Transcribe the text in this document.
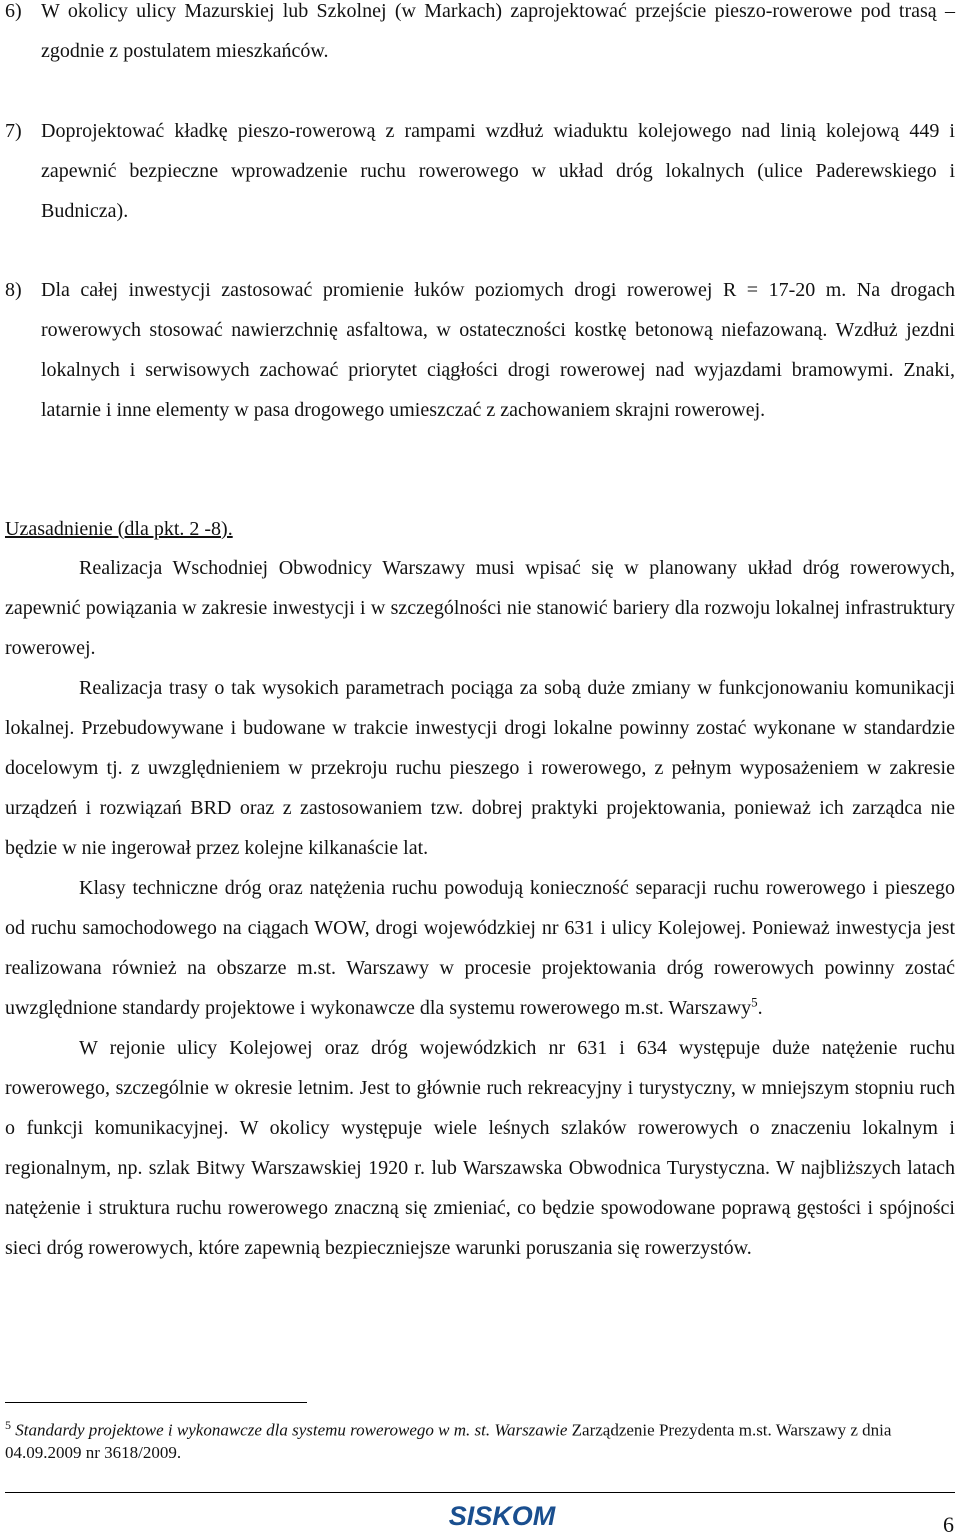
6) W okolicy ulicy Mazurskiej lub Szkolnej (w Markach) zaprojektować przejście pieszo-rowerowe pod trasą – zgodnie z postulatem mieszkańców.
7) Doprojektować kładkę pieszo-rowerową z rampami wzdłuż wiaduktu kolejowego nad linią kolejową 449 i zapewnić bezpieczne wprowadzenie ruchu rowerowego w układ dróg lokalnych (ulice Paderewskiego i Budnicza).
8) Dla całej inwestycji zastosować promienie łuków poziomych drogi rowerowej R = 17-20 m. Na drogach rowerowych stosować nawierzchnię asfaltowa, w ostateczności kostkę betonową niefazowaną. Wzdłuż jezdni lokalnych i serwisowych zachować priorytet ciągłości drogi rowerowej nad wyjazdami bramowymi. Znaki, latarnie i inne elementy w pasa drogowego umieszczać z zachowaniem skrajni rowerowej.

Uzasadnienie (dla pkt. 2 -8).

Realizacja Wschodniej Obwodnicy Warszawy musi wpisać się w planowany układ dróg rowerowych, zapewnić powiązania w zakresie inwestycji i w szczególności nie stanowić bariery dla rozwoju lokalnej infrastruktury rowerowej.

Realizacja trasy o tak wysokich parametrach pociąga za sobą duże zmiany w funkcjonowaniu komunikacji lokalnej. Przebudowywane i budowane w trakcie inwestycji drogi lokalne powinny zostać wykonane w standardzie docelowym tj. z uwzględnieniem w przekroju ruchu pieszego i rowerowego, z pełnym wyposażeniem w zakresie urządzeń i rozwiązań BRD oraz z zastosowaniem tzw. dobrej praktyki projektowania, ponieważ ich zarządca nie będzie w nie ingerował przez kolejne kilkanaście lat.

Klasy techniczne dróg oraz natężenia ruchu powodują konieczność separacji ruchu rowerowego i pieszego od ruchu samochodowego na ciągach WOW, drogi wojewódzkiej nr 631 i ulicy Kolejowej. Ponieważ inwestycja jest realizowana również na obszarze m.st. Warszawy w procesie projektowania dróg rowerowych powinny zostać uwzględnione standardy projektowe i wykonawcze dla systemu rowerowego m.st. Warszawy$^5$.

W rejonie ulicy Kolejowej oraz dróg wojewódzkich nr 631 i 634 występuje duże natężenie ruchu rowerowego, szczególnie w okresie letnim. Jest to głównie ruch rekreacyjny i turystyczny, w mniejszym stopniu ruch o funkcji komunikacyjnej. W okolicy występuje wiele leśnych szlaków rowerowych o znaczeniu lokalnym i regionalnym, np. szlak Bitwy Warszawskiej 1920 r. lub Warszawska Obwodnica Turystyczna. W najbliższych latach natężenie i struktura ruchu rowerowego znaczną się zmieniać, co będzie spowodowane poprawą gęstości i spójności sieci dróg rowerowych, które zapewnią bezpieczniejsze warunki poruszania się rowerzystów.

$^5$ Standardy projektowe i wykonawcze dla systemu rowerowego w m. st. Warszawie Zarządzenie Prezydenta m.st. Warszawy z dnia 04.09.2009 nr 3618/2009.
SISKOM	6
